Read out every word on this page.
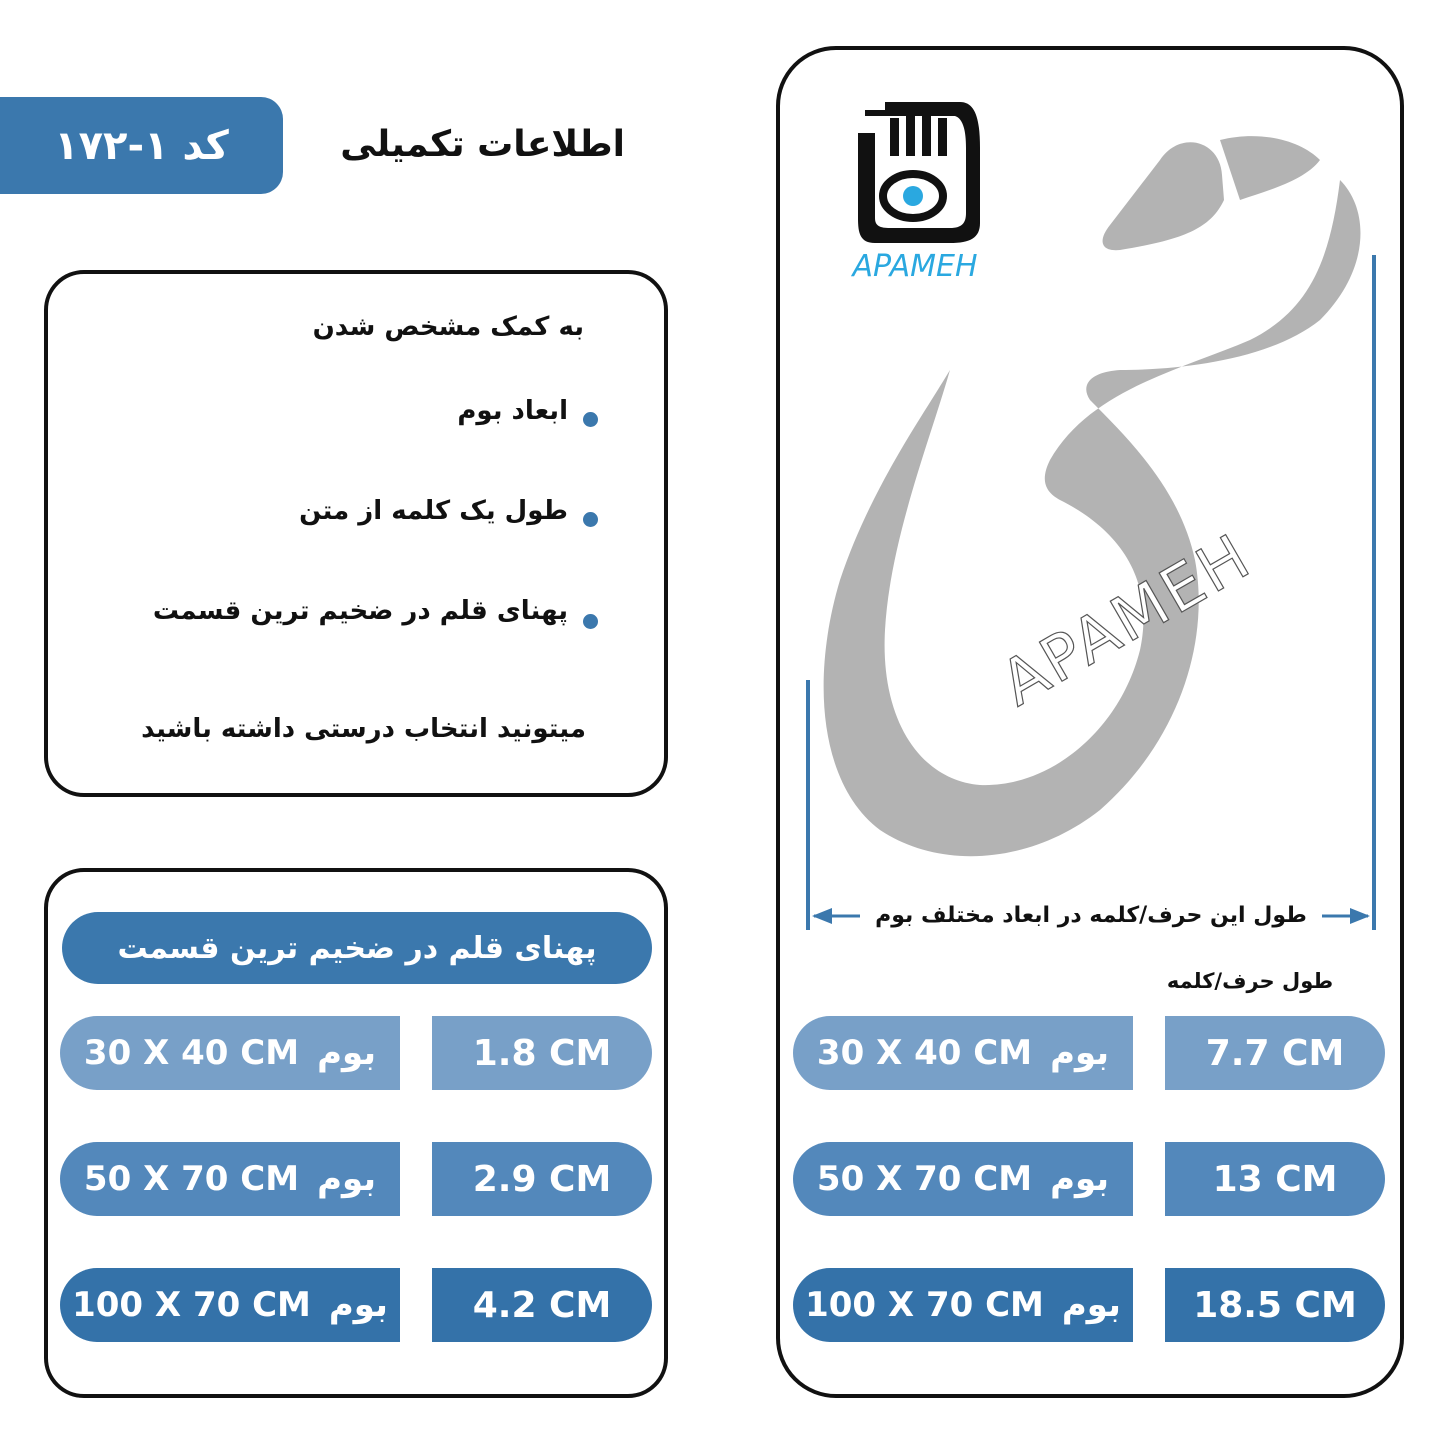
کد ۱-۱۷۲	اطلاعات تکمیلی
به کمک مشخص شدن
ابعاد بوم
طول یک کلمه از متن
پهنای قلم در ضخیم ترین قسمت
میتونید انتخاب درستی داشته باشید
پهنای قلم در ضخیم ترین قسمت
30 X 40 CM بوم	1.8 CM
50 X 70 CM بوم	2.9 CM
100 X 70 CM بوم	4.2 CM
APAMEH
APAMEH
طول این حرف/کلمه در ابعاد مختلف بوم
طول حرف/کلمه
30 X 40 CM بوم	7.7 CM
50 X 70 CM بوم	13 CM
100 X 70 CM بوم	18.5 CM
